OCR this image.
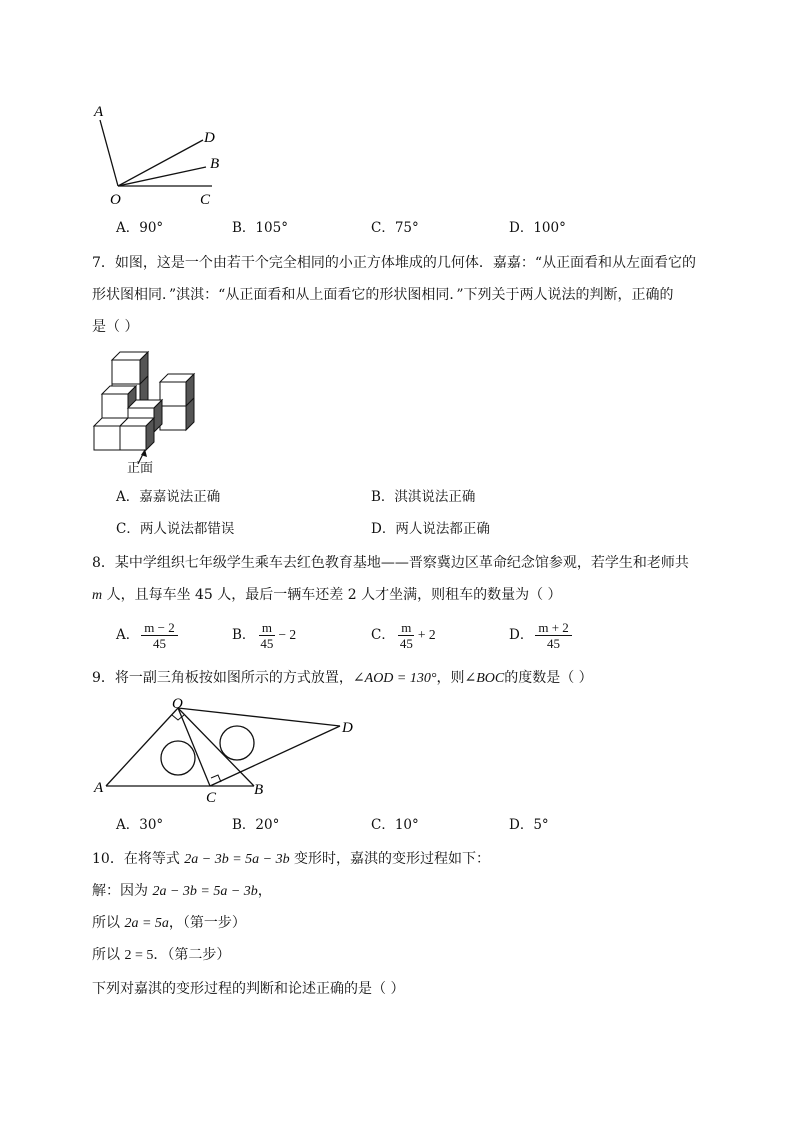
A
D
B
O	C
A．90°	B．105°	C．75°	D．100°
7．如图，这是一个由若干个完全相同的小正方体堆成的几何体．嘉嘉：“从正面看和从左面看它的
形状图相同．”淇淇：“从正面看和从上面看它的形状图相同．”下列关于两人说法的判断，正确的
是（ ）
正面
A．嘉嘉说法正确	B．淇淇说法正确
C．两人说法都错误	D．两人说法都正确
8．某中学组织七年级学生乘车去红色教育基地——晋察冀边区革命纪念馆参观，若学生和老师共
m 人，且每车坐 45 人，最后一辆车还差 2 人才坐满，则租车的数量为（ ）
A． $\frac{m - 2}{45}$	B． $\frac{m}{45} - 2$	C． $\frac{m}{45} + 2$	D． $\frac{m + 2}{45}$
9．将一副三角板按如图所示的方式放置，∠AOD = 130°，则∠BOC的度数是（ ）
O
D
A
C	B
A．30°	B．20°	C．10°	D．5°
10．在将等式 2a − 3b = 5a − 3b 变形时，嘉淇的变形过程如下：
解：因为 2a − 3b = 5a − 3b，
所以 2a = 5a，（第一步）
所以 2 = 5．（第二步）
下列对嘉淇的变形过程的判断和论述正确的是（ ）
